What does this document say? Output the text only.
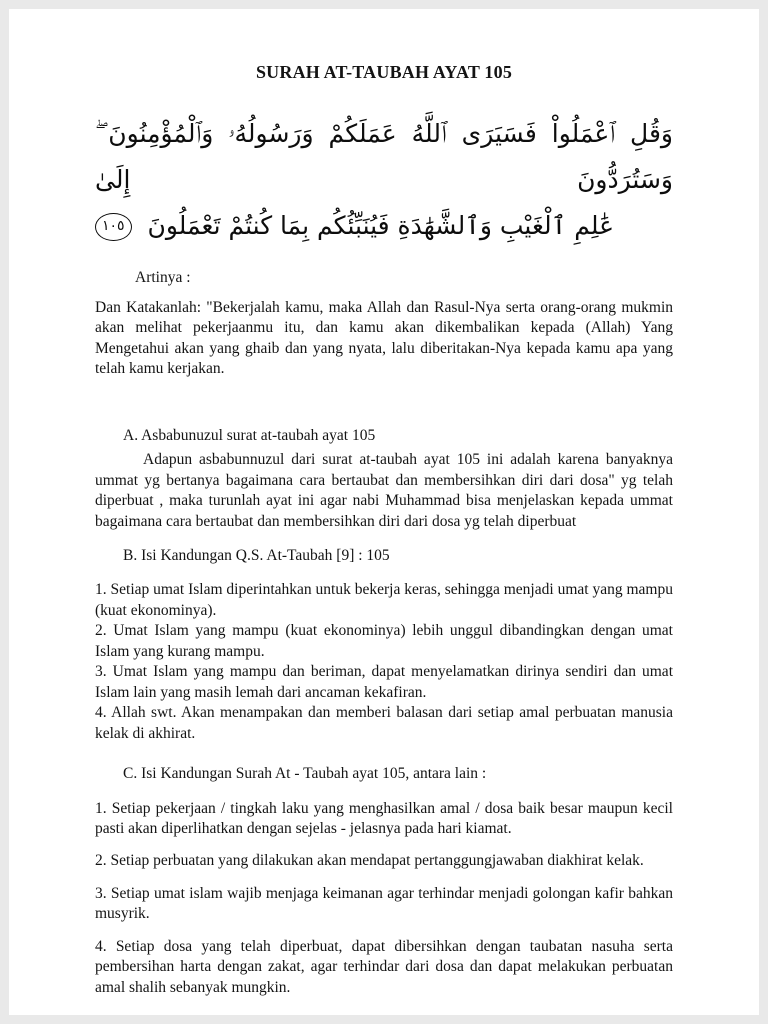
SURAH AT-TAUBAH AYAT 105
وَقُلِ ٱعْمَلُواْ فَسَيَرَى ٱللَّهُ عَمَلَكُمْ وَرَسُولُهُۥ وَٱلْمُؤْمِنُونَ ۖ وَسَتُرَدُّونَ إِلَىٰ
عَٰلِمِ ٱلْغَيْبِ وَٱلشَّهَٰدَةِ فَيُنَبِّئُكُم بِمَا كُنتُمْ تَعْمَلُونَ ١٠٥

Artinya :

Dan Katakanlah: "Bekerjalah kamu, maka Allah dan Rasul-Nya serta orang-orang mukmin akan melihat pekerjaanmu itu, dan kamu akan dikembalikan kepada (Allah) Yang Mengetahui akan yang ghaib dan yang nyata, lalu diberitakan-Nya kepada kamu apa yang telah kamu kerjakan.

A. Asbabunuzul surat at-taubah ayat 105

Adapun asbabunnuzul dari surat at-taubah ayat 105 ini adalah karena banyaknya ummat yg bertanya bagaimana cara bertaubat dan membersihkan diri dari dosa" yg telah diperbuat , maka turunlah ayat ini agar nabi Muhammad bisa menjelaskan kepada ummat bagaimana cara bertaubat dan membersihkan diri dari dosa yg telah diperbuat

B. Isi Kandungan Q.S. At-Taubah [9] : 105

1. Setiap umat Islam diperintahkan untuk bekerja keras, sehingga menjadi umat yang mampu (kuat ekonominya).

2. Umat Islam yang mampu (kuat ekonominya) lebih unggul dibandingkan dengan umat Islam yang kurang mampu.

3. Umat Islam yang mampu dan beriman, dapat menyelamatkan dirinya sendiri dan umat Islam lain yang masih lemah dari ancaman kekafiran.

4. Allah swt. Akan menampakan dan memberi balasan dari setiap amal perbuatan manusia kelak di akhirat.

C. Isi Kandungan Surah At - Taubah ayat 105, antara lain :

1. Setiap pekerjaan / tingkah laku yang menghasilkan amal / dosa baik besar maupun kecil pasti akan diperlihatkan dengan sejelas - jelasnya pada hari kiamat.

2. Setiap perbuatan yang dilakukan akan mendapat pertanggungjawaban diakhirat kelak.

3. Setiap umat islam wajib menjaga keimanan agar terhindar menjadi golongan kafir bahkan musyrik.

4. Setiap dosa yang telah diperbuat, dapat dibersihkan dengan taubatan nasuha serta pembersihan harta dengan zakat, agar terhindar dari dosa dan dapat melakukan perbuatan amal shalih sebanyak mungkin.
